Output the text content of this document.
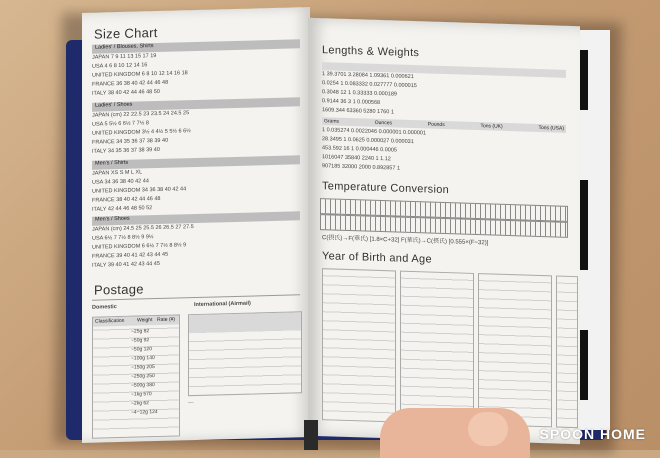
Size Chart
Ladies' / Blouses, Shirts
JAPAN 7 9 11 13 15 17 19
USA 4 6 8 10 12 14 16
UNITED KINGDOM 6 8 10 12 14 16 18
FRANCE 36 38 40 42 44 46 48
ITALY 38 40 42 44 46 48 50
Ladies' / Shoes
JAPAN (cm) 22 22.5 23 23.5 24 24.5 25
USA 5 5½ 6 6½ 7 7½ 8
UNITED KINGDOM 3½ 4 4½ 5 5½ 6 6½
FRANCE 34 35 36 37 38 39 40
ITALY 34 35 36 37 38 39 40
Men's / Shirts
JAPAN XS S M L XL
USA 34 36 38 40 42 44
UNITED KINGDOM 34 36 38 40 42 44
FRANCE 38 40 42 44 46 48
ITALY 42 44 46 48 50 52
Men's / Shoes
JAPAN (cm) 24.5 25 25.5 26 26.5 27 27.5
USA 6½ 7 7½ 8 8½ 9 9½
UNITED KINGDOM 6 6½ 7 7½ 8 8½ 9
FRANCE 39 40 41 42 43 44 45
ITALY 39 40 41 42 43 44 45
Postage
Domestic	International (Airmail)
Classification	Weight Rate (¥)
~25g 82
~50g 92
~50g 120
~100g 140
~150g 205
~250g 250
~500g 380
~1kg 570
~2kg 62
~4~12g 124
—
Lengths & Weights
1 39.3701 3.28084 1.09361 0.000621
0.0254 1 0.083332 0.027777 0.000015
0.3048 12 1 0.33333 0.000189
0.9144 36 3 1 0.000568
1609.344 63360 5280 1760 1
Grams	Ounces	Pounds	Tons (UK)	Tons (USA)
1 0.035274 0.0022046 0.000001 0.000001
28.3495 1 0.0625 0.000027 0.000031
453.592 16 1 0.000446 0.0005
1016047 35840 2240 1 1.12
907185 32000 2000 0.892857 1
Temperature Conversion
C(摂氏)→F(華氏) [1.8×C+32] F(華氏)→C(摂氏) [0.555×(F−32)]
Year of Birth and Age
SPOON HOME
